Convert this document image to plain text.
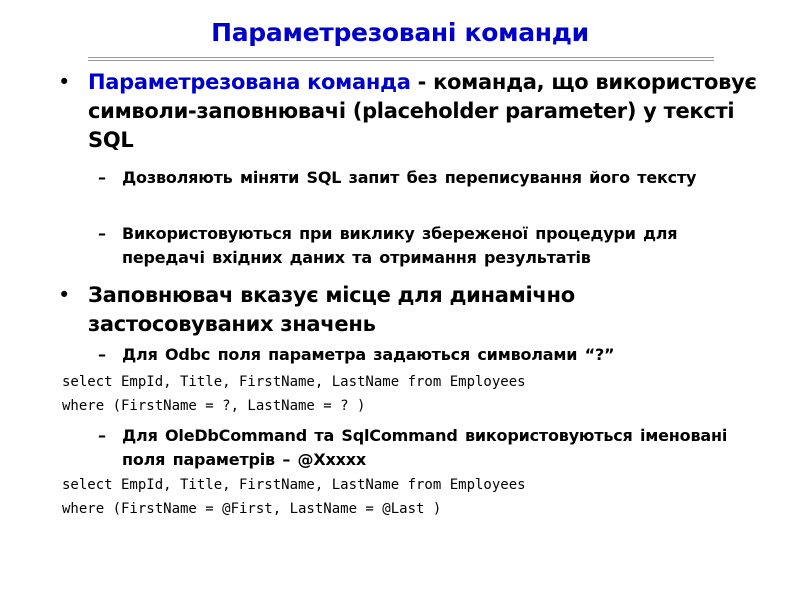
Параметрезовані команди
• Параметрезована команда - команда, що використовує символи-заповнювачі (placeholder parameter) у тексті SQL
– Дозволяють міняти SQL запит без переписування його тексту
– Використовуються при виклику збереженої процедури для передачі вхідних даних та отримання результатів
• Заповнювач вказує місце для динамічно застосовуваних значень
– Для Odbc поля параметра задаються символами “?”
select EmpId, Title, FirstName, LastName from Employees
where (FirstName = ?, LastName = ? )
– Для OleDbCommand та SqlCommand використовуються іменовані поля параметрів – @Xxxxx
select EmpId, Title, FirstName, LastName from Employees
where (FirstName = @First, LastName = @Last )
